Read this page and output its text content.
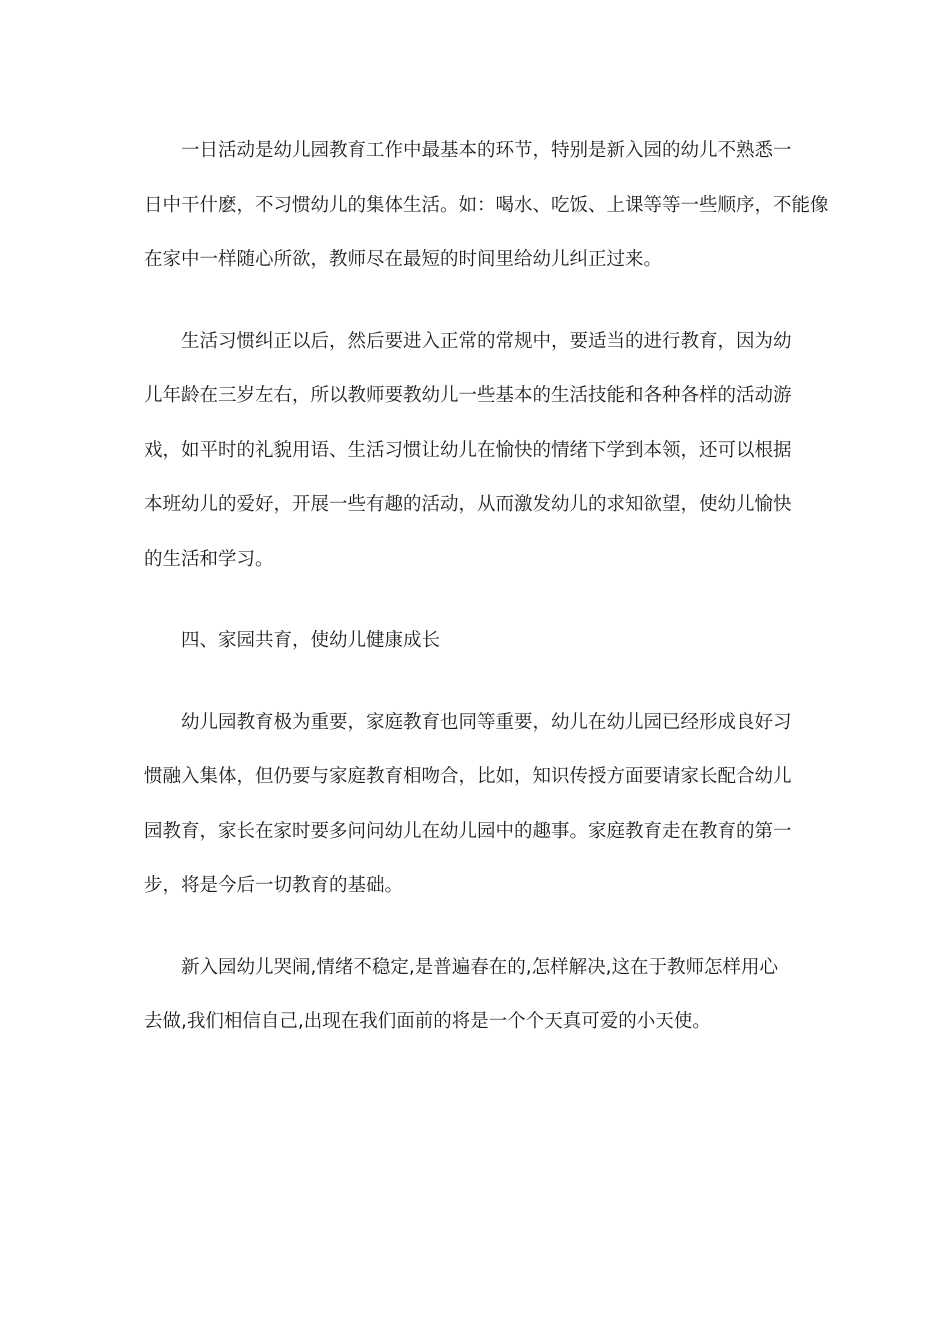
一日活动是幼儿园教育工作中最基本的环节，特别是新入园的幼儿不熟悉一
日中干什麽，不习惯幼儿的集体生活。如：喝水、吃饭、上课等等一些顺序，不能像
在家中一样随心所欲，教师尽在最短的时间里给幼儿纠正过来。
生活习惯纠正以后，然后要进入正常的常规中，要适当的进行教育，因为幼
儿年龄在三岁左右，所以教师要教幼儿一些基本的生活技能和各种各样的活动游
戏，如平时的礼貌用语、生活习惯让幼儿在愉快的情绪下学到本领，还可以根据
本班幼儿的爱好，开展一些有趣的活动，从而激发幼儿的求知欲望，使幼儿愉快
的生活和学习。
四、家园共育，使幼儿健康成长
幼儿园教育极为重要，家庭教育也同等重要，幼儿在幼儿园已经形成良好习
惯融入集体，但仍要与家庭教育相吻合，比如，知识传授方面要请家长配合幼儿
园教育，家长在家时要多问问幼儿在幼儿园中的趣事。家庭教育走在教育的第一
步，将是今后一切教育的基础。
新入园幼儿哭闹,情绪不稳定,是普遍春在的,怎样解决,这在于教师怎样用心
去做,我们相信自己,出现在我们面前的将是一个个天真可爱的小天使。
